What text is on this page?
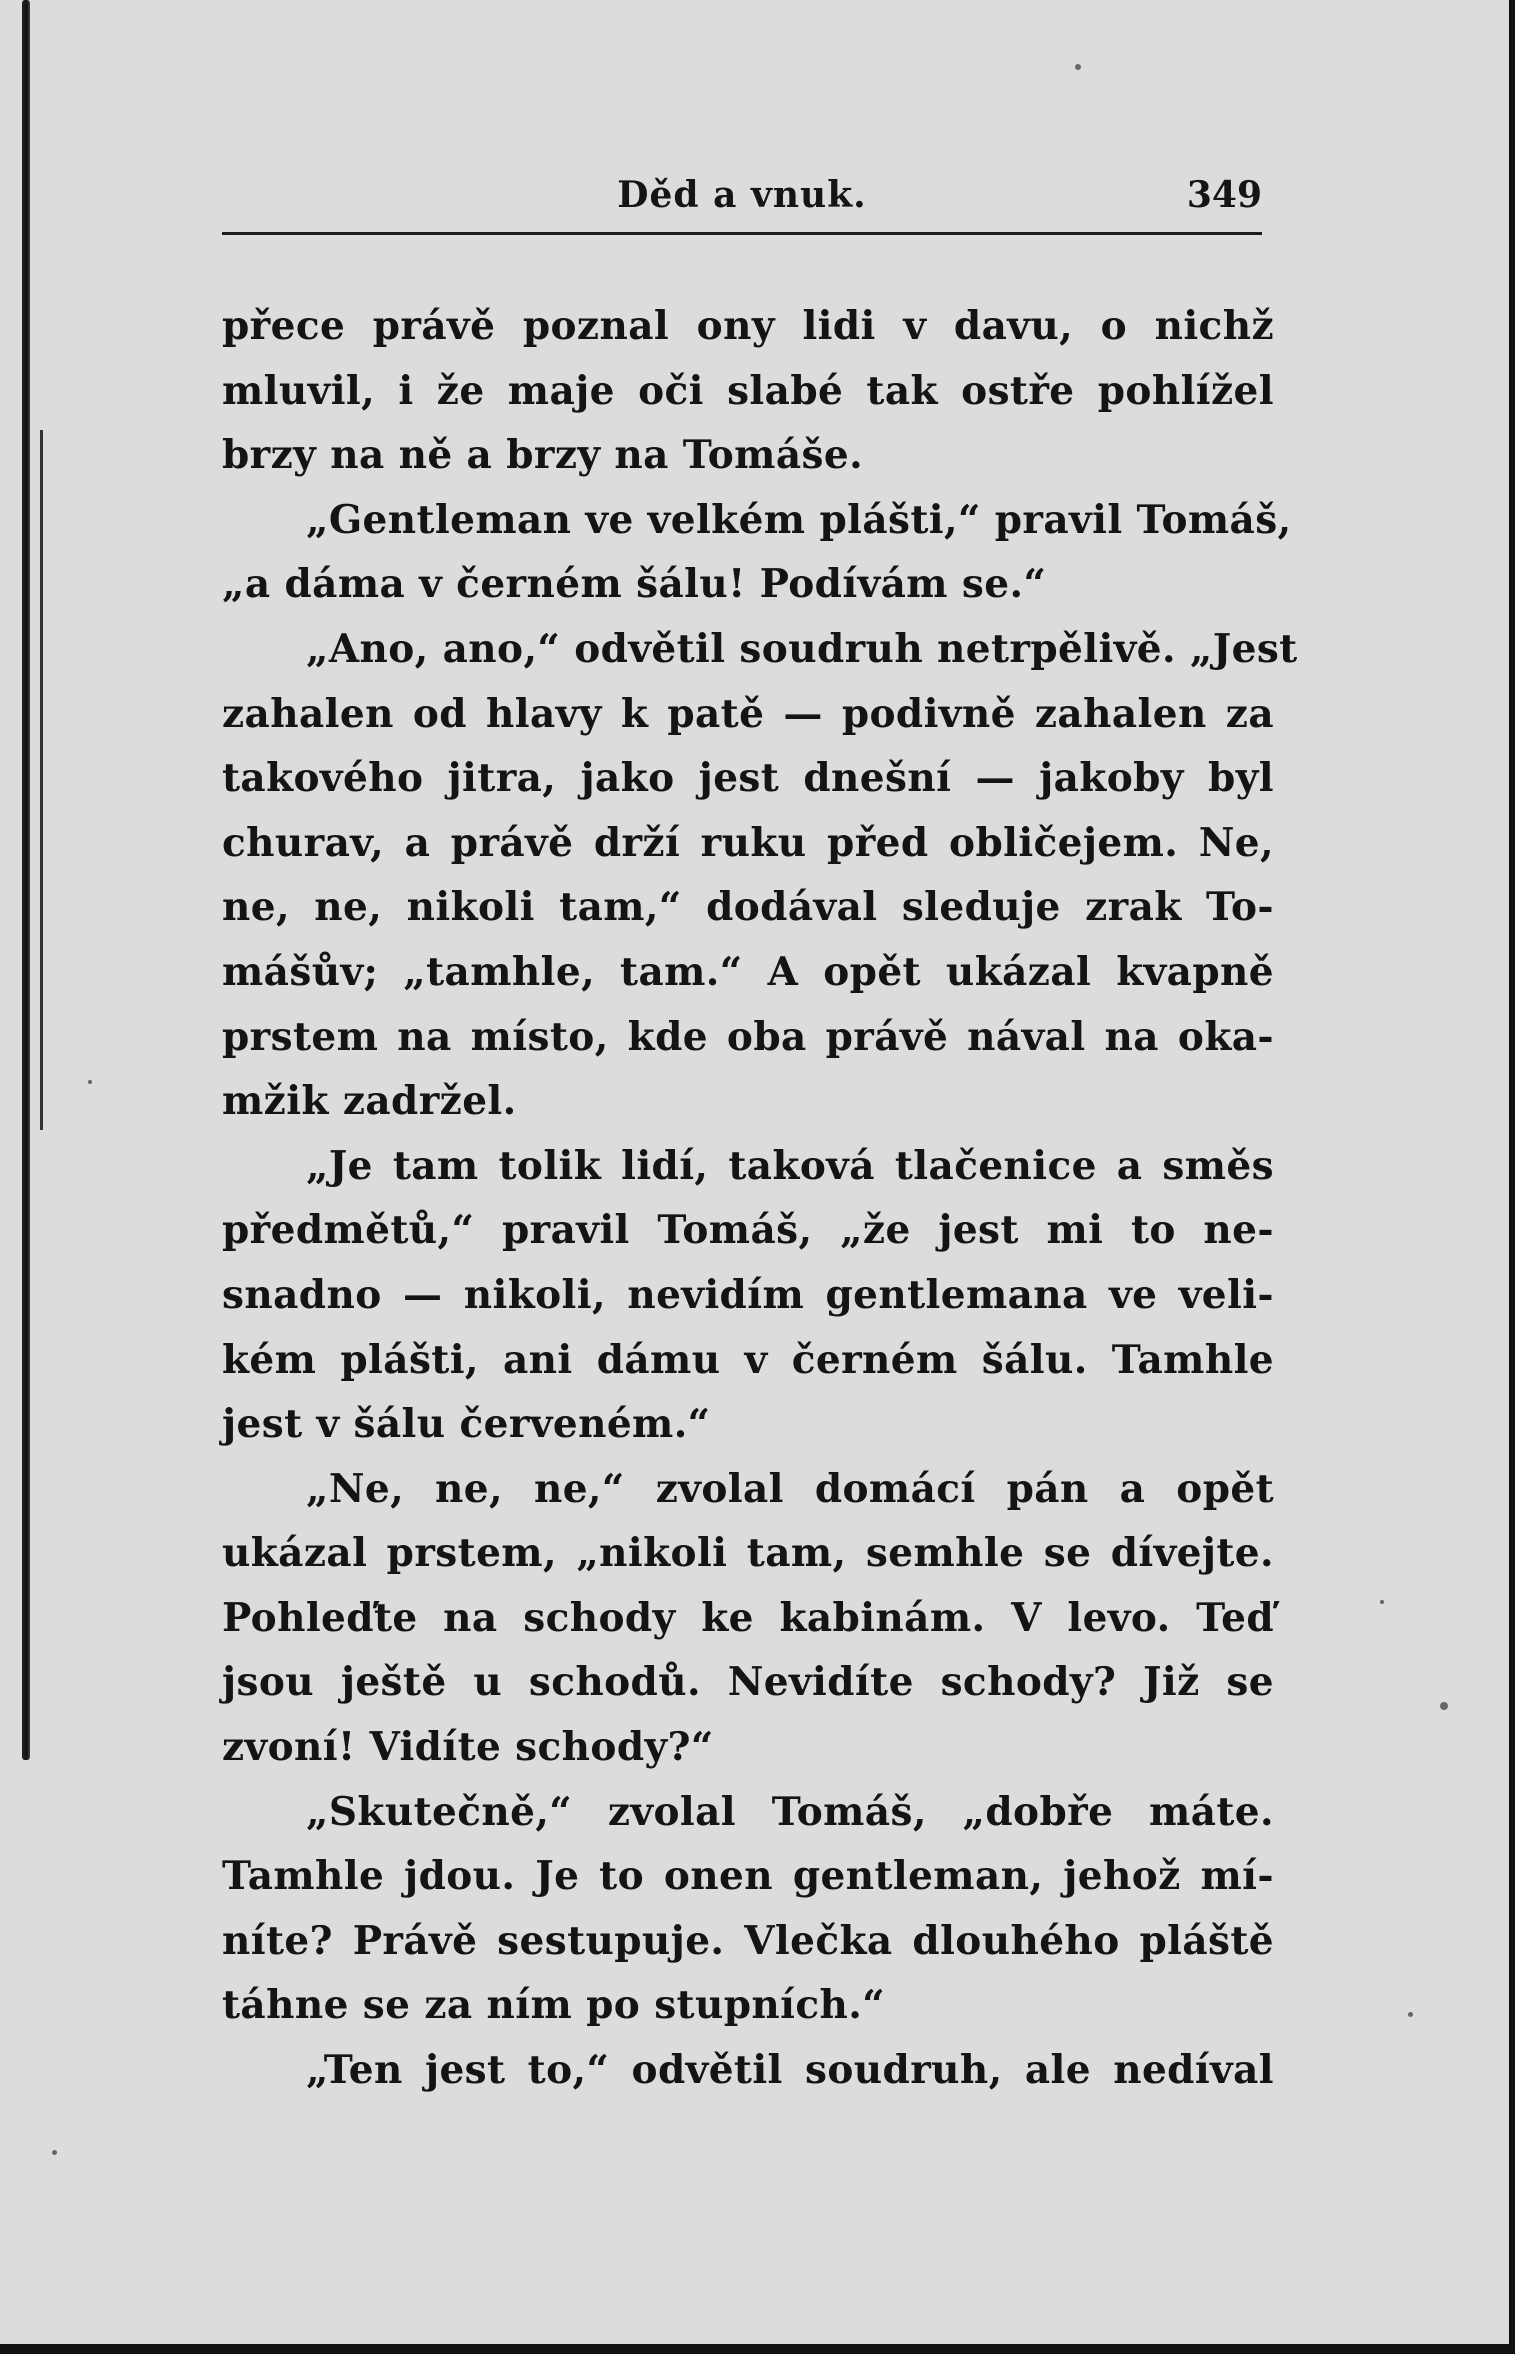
Děd a vnuk.	349
přece právě poznal ony lidi v davu, o nichž
mluvil, i že maje oči slabé tak ostře pohlížel
brzy na ně a brzy na Tomáše.
„Gentleman ve velkém plášti,“ pravil Tomáš,
„a dáma v černém šálu! Podívám se.“
„Ano, ano,“ odvětil soudruh netrpělivě. „Jest
zahalen od hlavy k patě — podivně zahalen za
takového jitra, jako jest dnešní — jakoby byl
churav, a právě drží ruku před obličejem. Ne,
ne, ne, nikoli tam,“ dodával sleduje zrak To-
mášův; „tamhle, tam.“ A opět ukázal kvapně
prstem na místo, kde oba právě nával na oka-
mžik zadržel.
„Je tam tolik lidí, taková tlačenice a směs
předmětů,“ pravil Tomáš, „že jest mi to ne-
snadno — nikoli, nevidím gentlemana ve veli-
kém plášti, ani dámu v černém šálu. Tamhle
jest v šálu červeném.“
„Ne, ne, ne,“ zvolal domácí pán a opět
ukázal prstem, „nikoli tam, semhle se dívejte.
Pohleďte na schody ke kabinám. V levo. Teď
jsou ještě u schodů. Nevidíte schody? Již se
zvoní! Vidíte schody?“
„Skutečně,“ zvolal Tomáš, „dobře máte.
Tamhle jdou. Je to onen gentleman, jehož mí-
níte? Právě sestupuje. Vlečka dlouhého pláště
táhne se za ním po stupních.“
„Ten jest to,“ odvětil soudruh, ale nedíval
